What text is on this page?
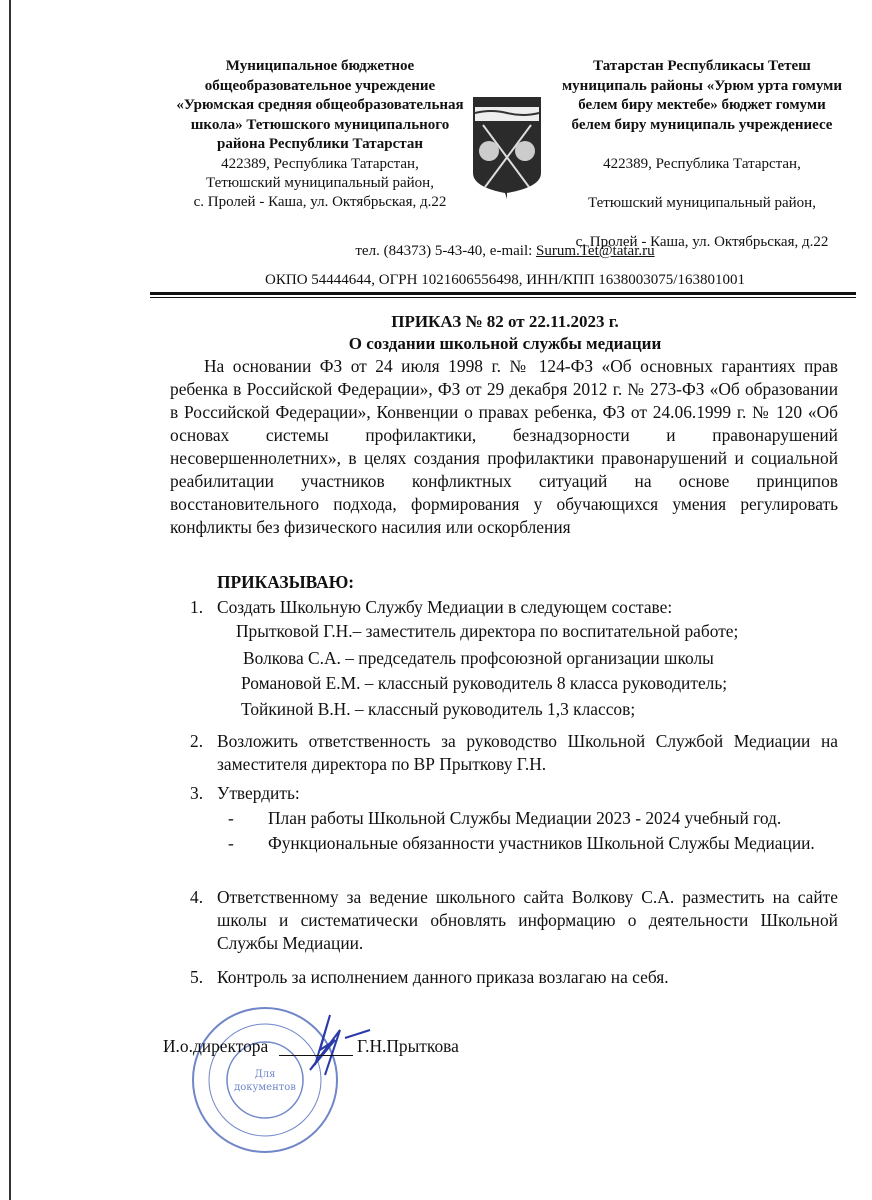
Муниципальное бюджетное
общеобразовательное учреждение
«Урюмская средняя общеобразовательная
школа» Тетюшского муниципального
района Республики Татарстан
422389, Республика Татарстан,
Тетюшский муниципальный район,
с. Пролей - Каша, ул. Октябрьская, д.22
Татарстан Республикасы Тетеш
муниципаль районы «Урюм урта гомуми
белем биру мектебе» бюджет гомуми
белем биру муниципаль учреждениесе
422389, Республика Татарстан,
Тетюшский муниципальный район,
с. Пролей - Каша, ул. Октябрьская, д.22
тел. (84373) 5-43-40, e-mail: Surum.Tet@tatar.ru
ОКПО 54444644, ОГРН 1021606556498, ИНН/КПП 1638003075/163801001
ПРИКАЗ № 82 от 22.11.2023 г.
О создании школьной службы медиации
На основании ФЗ от 24 июля 1998 г. № 124-ФЗ «Об основных гарантиях прав ребенка в Российской Федерации», ФЗ от 29 декабря 2012 г. № 273-ФЗ «Об образовании в Российской Федерации», Конвенции о правах ребенка, ФЗ от 24.06.1999 г. № 120 «Об основах системы профилактики, безнадзорности и правонарушений несовершеннолетних», в целях создания профилактики правонарушений и социальной реабилитации участников конфликтных ситуаций на основе принципов восстановительного подхода, формирования у обучающихся умения регулировать конфликты без физического насилия или оскорбления
ПРИКАЗЫВАЮ:
1. Создать Школьную Службу Медиации в следующем составе:
Прытковой Г.Н.– заместитель директора по воспитательной работе;
Волкова С.А. – председатель профсоюзной организации школы
Романовой Е.М. – классный руководитель 8 класса руководитель;
Тойкиной В.Н. – классный руководитель 1,3 классов;
2. Возложить ответственность за руководство Школьной Службой Медиации на заместителя директора по ВР Прыткову Г.Н.
3. Утвердить:
- План работы Школьной Службы Медиации 2023 - 2024 учебный год.
- Функциональные обязанности участников Школьной Службы Медиации.
4. Ответственному за ведение школьного сайта Волкову С.А. разместить на сайте школы и систематически обновлять информацию о деятельности Школьной Службы Медиации.
5. Контроль за исполнением данного приказа возлагаю на себя.
Для
документов
И.о.директора	Г.Н.Прыткова
